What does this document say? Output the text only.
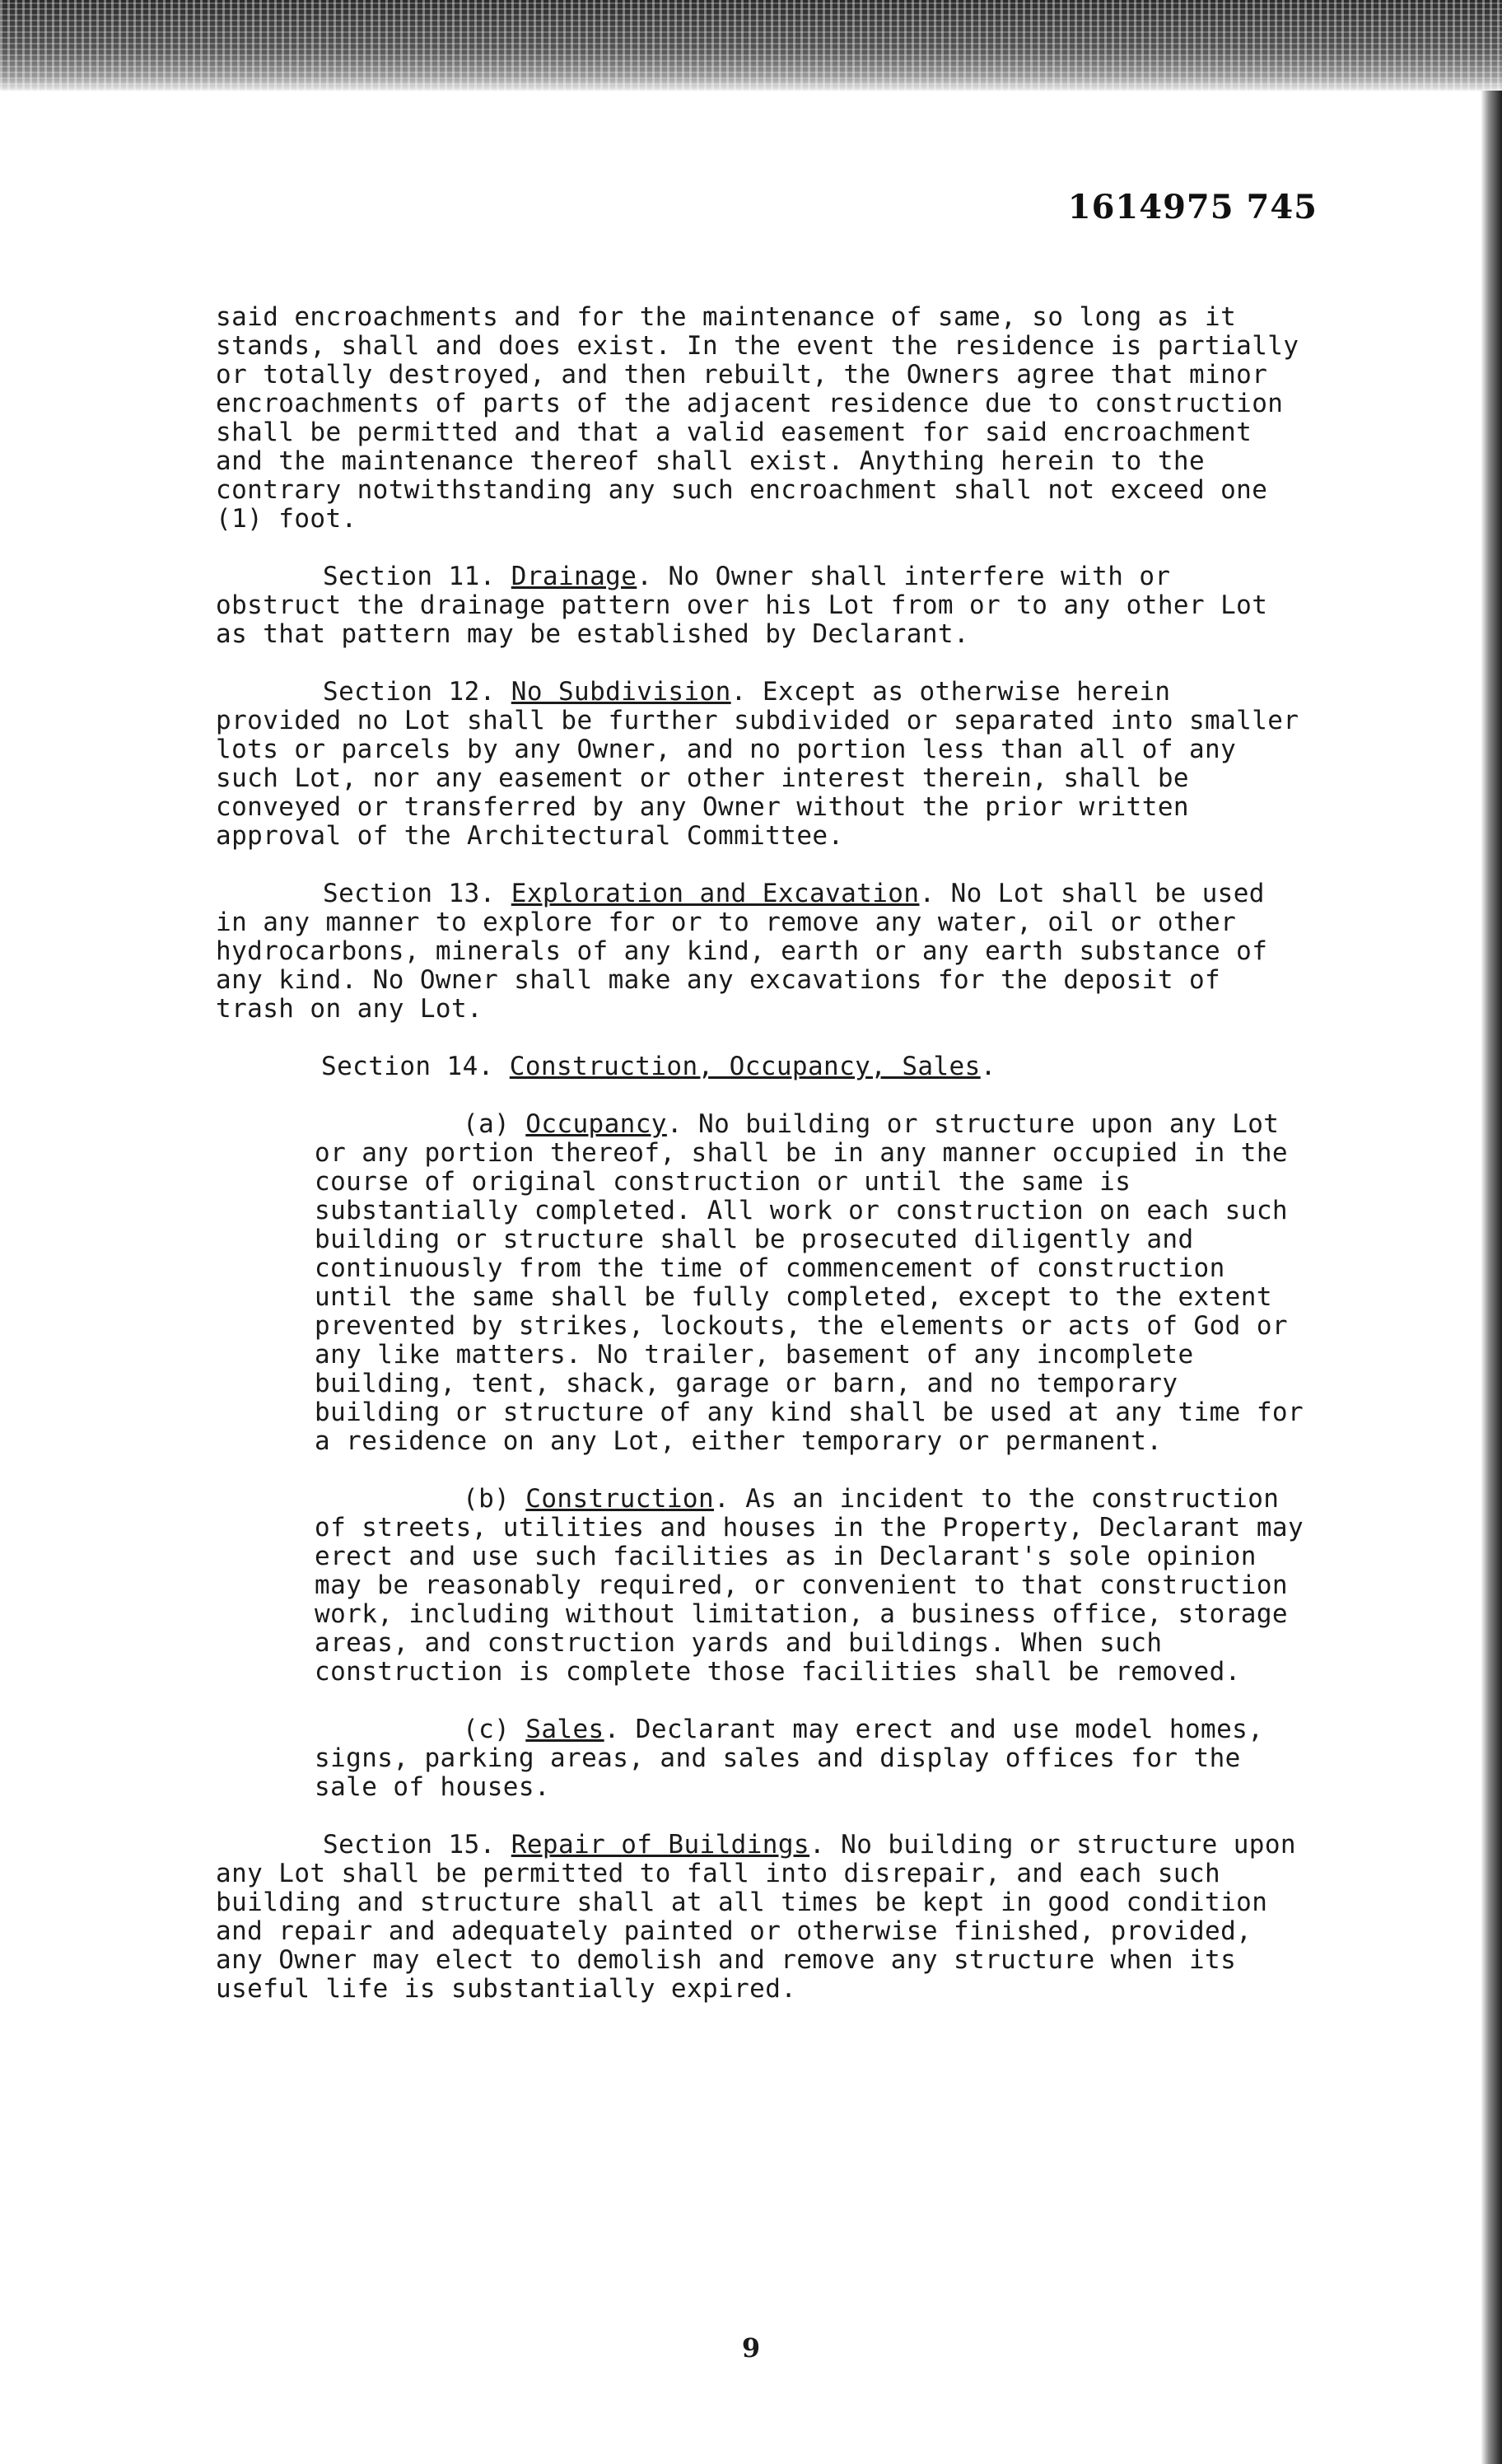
1614975 745

said encroachments and for the maintenance of same, so long as it stands, shall and does exist. In the event the residence is partially or totally destroyed, and then rebuilt, the Owners agree that minor encroachments of parts of the adjacent residence due to construction shall be permitted and that a valid easement for said encroachment and the maintenance thereof shall exist. Anything herein to the contrary notwithstanding any such encroachment shall not exceed one (1) foot.

Section 11. Drainage. No Owner shall interfere with or obstruct the drainage pattern over his Lot from or to any other Lot as that pattern may be established by Declarant.

Section 12. No Subdivision. Except as otherwise herein provided no Lot shall be further subdivided or separated into smaller lots or parcels by any Owner, and no portion less than all of any such Lot, nor any easement or other interest therein, shall be conveyed or transferred by any Owner without the prior written approval of the Architectural Committee.

Section 13. Exploration and Excavation. No Lot shall be used in any manner to explore for or to remove any water, oil or other hydrocarbons, minerals of any kind, earth or any earth substance of any kind. No Owner shall make any excavations for the deposit of trash on any Lot.

Section 14. Construction, Occupancy, Sales.

(a) Occupancy. No building or structure upon any Lot or any portion thereof, shall be in any manner occupied in the course of original construction or until the same is substantially completed. All work or construction on each such building or structure shall be prosecuted diligently and continuously from the time of commencement of construction until the same shall be fully completed, except to the extent prevented by strikes, lockouts, the elements or acts of God or any like matters. No trailer, basement of any incomplete building, tent, shack, garage or barn, and no temporary building or structure of any kind shall be used at any time for a residence on any Lot, either temporary or permanent.

(b) Construction. As an incident to the construction of streets, utilities and houses in the Property, Declarant may erect and use such facilities as in Declarant's sole opinion may be reasonably required, or convenient to that construction work, including without limitation, a business office, storage areas, and construction yards and buildings. When such construction is complete those facilities shall be removed.

(c) Sales. Declarant may erect and use model homes, signs, parking areas, and sales and display offices for the sale of houses.

Section 15. Repair of Buildings. No building or structure upon any Lot shall be permitted to fall into disrepair, and each such building and structure shall at all times be kept in good condition and repair and adequately painted or otherwise finished, provided, any Owner may elect to demolish and remove any structure when its useful life is substantially expired.

9
